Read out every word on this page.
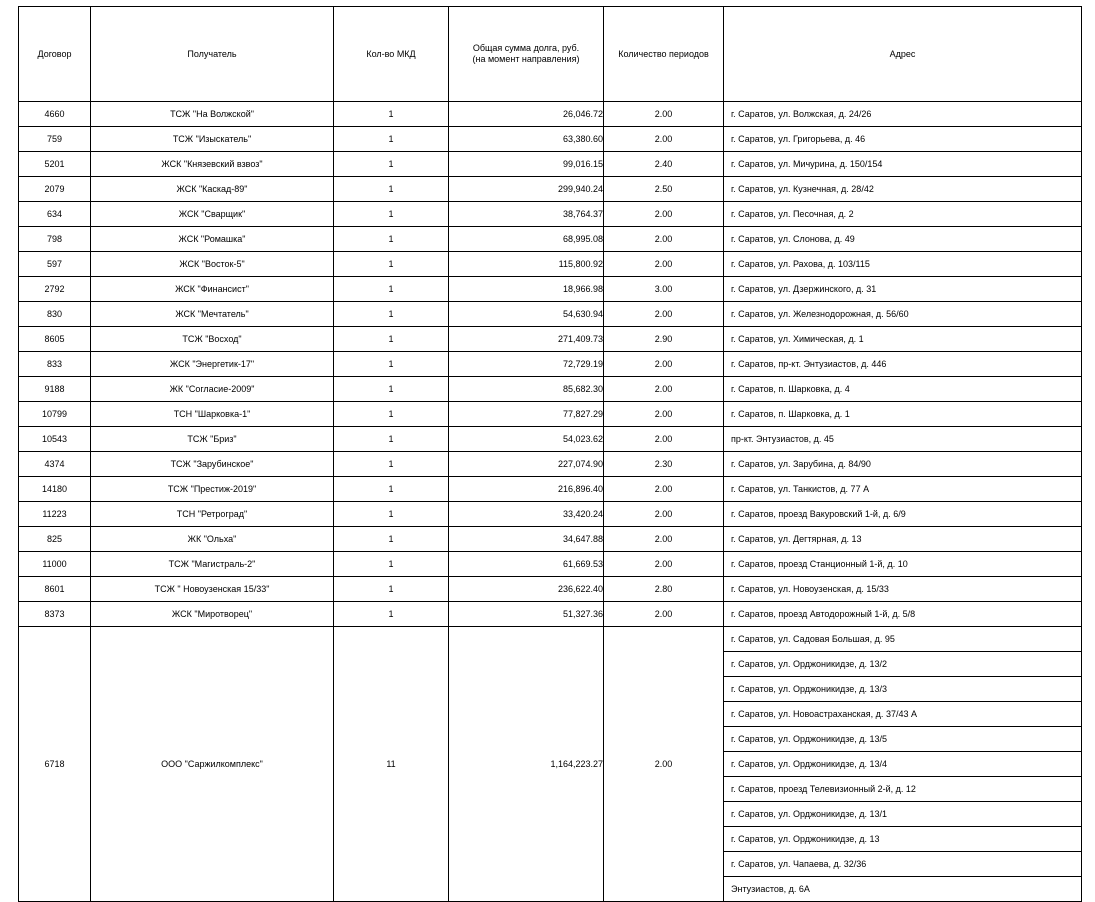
Договор	Получатель	Кол-во МКД	Общая сумма долга, руб. (на момент направления)	Количество периодов	Адрес
4660	ТСЖ "На Волжской"	1	26,046.72	2.00		г. Саратов, ул. Волжская, д. 24/26

759	ТСЖ "Изыскатель"	1	63,380.60	2.00		г. Саратов, ул. Григорьева, д. 46

5201	ЖСК "Князевский взвоз"	1	99,016.15	2.40		г. Саратов, ул. Мичурина, д. 150/154

2079	ЖСК "Каскад-89"	1	299,940.24	2.50		г. Саратов, ул. Кузнечная, д. 28/42

634	ЖСК "Сварщик"	1	38,764.37	2.00		г. Саратов, ул. Песочная, д. 2

798	ЖСК "Ромашка"	1	68,995.08	2.00		г. Саратов, ул. Слонова, д. 49

597	ЖСК "Восток-5"	1	115,800.92	2.00		г. Саратов, ул. Рахова, д. 103/115

2792	ЖСК "Финансист"	1	18,966.98	3.00		г. Саратов, ул. Дзержинского, д. 31

830	ЖСК "Мечтатель"	1	54,630.94	2.00		г. Саратов, ул. Железнодорожная, д. 56/60

8605	ТСЖ "Восход"	1	271,409.73	2.90		г. Саратов, ул. Химическая, д. 1

833	ЖСК "Энергетик-17"	1	72,729.19	2.00		г. Саратов, пр-кт. Энтузиастов, д. 446

9188	ЖК "Согласие-2009"	1	85,682.30	2.00		г. Саратов, п. Шарковка, д. 4

10799	ТСН "Шарковка-1"	1	77,827.29	2.00		г. Саратов, п. Шарковка, д. 1

10543	ТСЖ "Бриз"	1	54,023.62	2.00		пр-кт. Энтузиастов, д. 45

4374	ТСЖ "Зарубинское"	1	227,074.90	2.30		г. Саратов, ул. Зарубина, д. 84/90

14180	ТСЖ "Престиж-2019"	1	216,896.40	2.00		г. Саратов, ул. Танкистов, д. 77 А

11223	ТСН "Ретроград"	1	33,420.24	2.00		г. Саратов, проезд Вакуровский 1-й, д. 6/9

825	ЖК "Ольха"	1	34,647.88	2.00		г. Саратов, ул. Дегтярная, д. 13

11000	ТСЖ "Магистраль-2"	1	61,669.53	2.00		г. Саратов, проезд Станционный 1-й, д. 10

8601	ТСЖ " Новоузенская 15/33"	1	236,622.40	2.80		г. Саратов, ул. Новоузенская, д. 15/33

8373	ЖСК "Миротворец"	1	51,327.36	2.00		г. Саратов, проезд Автодорожный 1-й, д. 5/8

6718	ООО "Саржилкомплекс"	11	1,164,223.27	2.00	
г. Саратов, ул. Садовая Большая, д. 95
г. Саратов, ул. Орджоникидзе, д. 13/2
г. Саратов, ул. Орджоникидзе, д. 13/3
г. Саратов, ул. Новоастраханская, д. 37/43 А
г. Саратов, ул. Орджоникидзе, д. 13/5
г. Саратов, ул. Орджоникидзе, д. 13/4
г. Саратов, проезд Телевизионный 2-й, д. 12
г. Саратов, ул. Орджоникидзе, д. 13/1
г. Саратов, ул. Орджоникидзе, д. 13
г. Саратов, ул. Чапаева, д. 32/36
Энтузиастов, д. 6А
